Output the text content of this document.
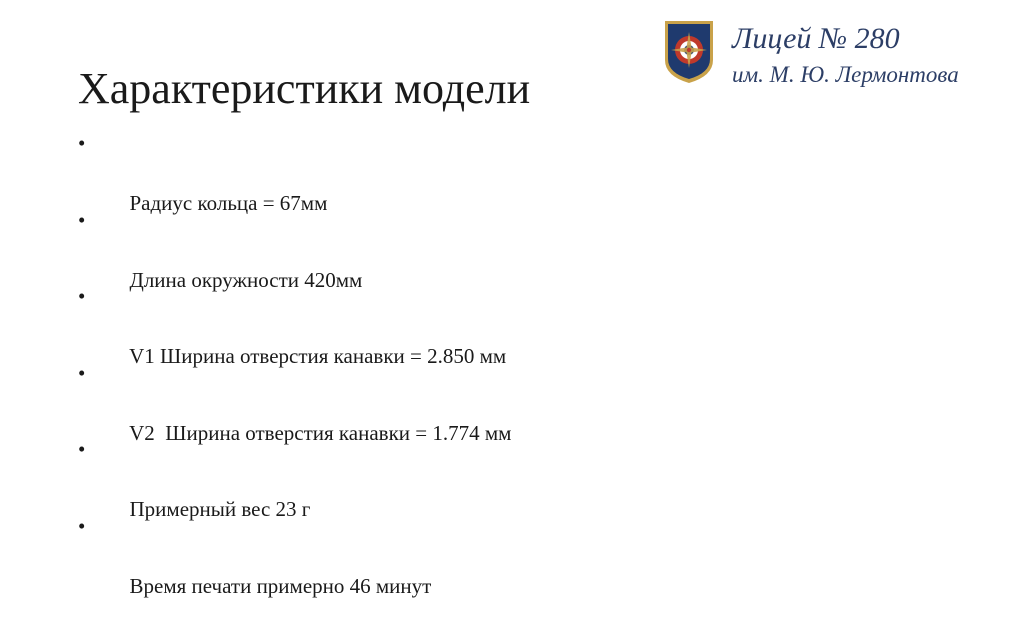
Характеристики модели

•

Радиус кольца = 67мм

•

Длина окружности 420мм

•

V1 Ширина отверстия канавки = 2.850 мм

•

V2  Ширина отверстия канавки = 1.774 мм

•

Примерный вес 23 г

•

Время печати примерно 46 минут

Лицей № 280
им. М. Ю. Лермонтова
